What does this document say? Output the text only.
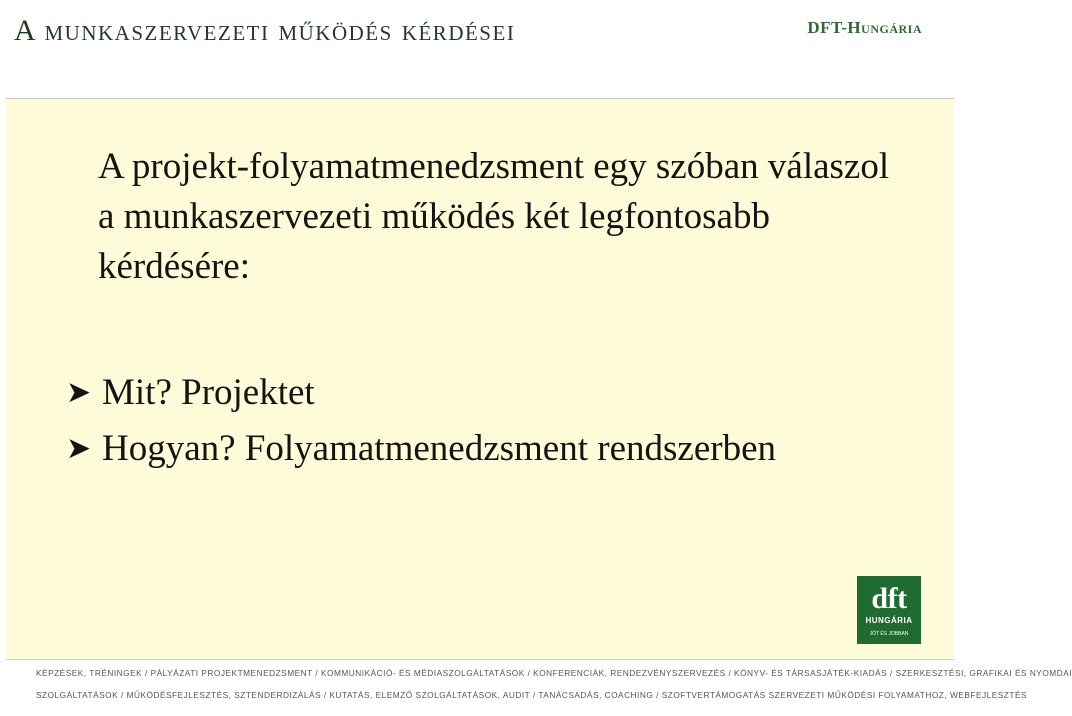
A munkaszervezeti működés kérdései	DFT-Hungária
A projekt-folyamatmenedzsment egy szóban válaszol a munkaszervezeti működés két legfontosabb kérdésére:
➤ Mit? Projektet
➤ Hogyan? Folyamatmenedzsment rendszerben
dft
HUNGÁRIA
JÓT ÉS JOBBAN
KÉPZÉSEK, TRÉNINGEK / PÁLYÁZATI PROJEKTMENEDZSMENT / KOMMUNIKÁCIÓ- ÉS MÉDIASZOLGÁLTATÁSOK / KONFERENCIÁK, RENDEZVÉNYSZERVEZÉS / KÖNYV- ÉS TÁRSASJÁTÉK-KIADÁS / SZERKESZTÉSI, GRAFIKAI ÉS NYOMDAI
SZOLGÁLTATÁSOK / MŰKÖDÉSFEJLESZTÉS, SZTENDERDIZÁLÁS / KUTATÁS, ELEMZŐ SZOLGÁLTATÁSOK, AUDIT / TANÁCSADÁS, COACHING / SZOFTVERTÁMOGATÁS SZERVEZETI MŰKÖDÉSI FOLYAMATHOZ, WEBFEJLESZTÉS
